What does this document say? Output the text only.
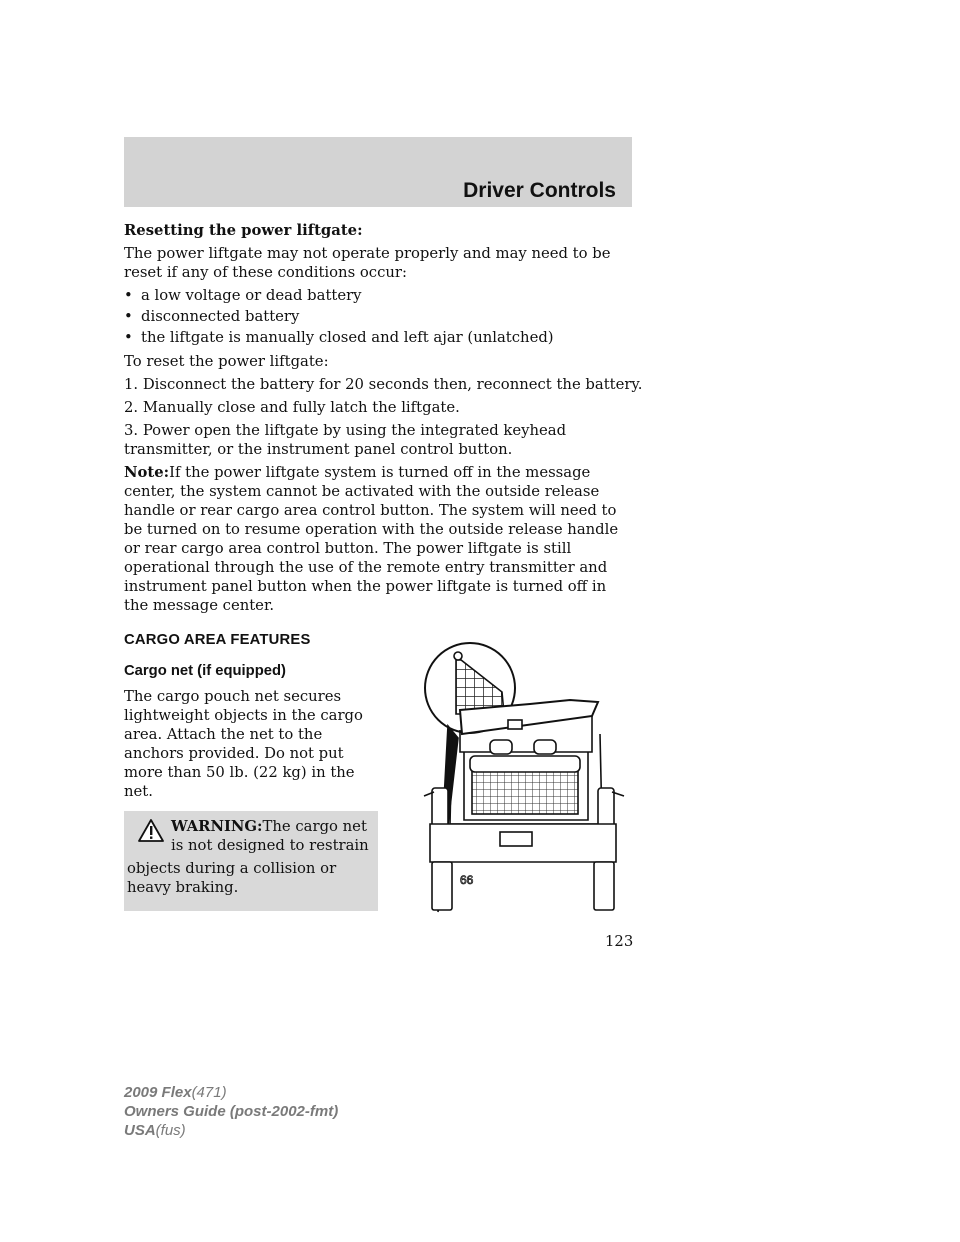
Driver Controls

Resetting the power liftgate:

The power liftgate may not operate properly and may need to be reset if any of these conditions occur:

• a low voltage or dead battery
• disconnected battery
• the liftgate is manually closed and left ajar (unlatched)

To reset the power liftgate:

1. Disconnect the battery for 20 seconds then, reconnect the battery.

2. Manually close and fully latch the liftgate.

3. Power open the liftgate by using the integrated keyhead transmitter, or the instrument panel control button.

Note:If the power liftgate system is turned off in the message center, the system cannot be activated with the outside release handle or rear cargo area control button. The system will need to be turned on to resume operation with the outside release handle or rear cargo area control button. The power liftgate is still operational through the use of the remote entry transmitter and instrument panel button when the power liftgate is turned off in the message center.

CARGO AREA FEATURES
Cargo net (if equipped)

The cargo pouch net secures lightweight objects in the cargo area. Attach the net to the anchors provided. Do not put more than 50 lb. (22 kg) in the net.

WARNING:The cargo net is not designed to restrain

objects during a collision or heavy braking.	66
123
2009 Flex(471)
Owners Guide (post-2002-fmt)
USA(fus)
